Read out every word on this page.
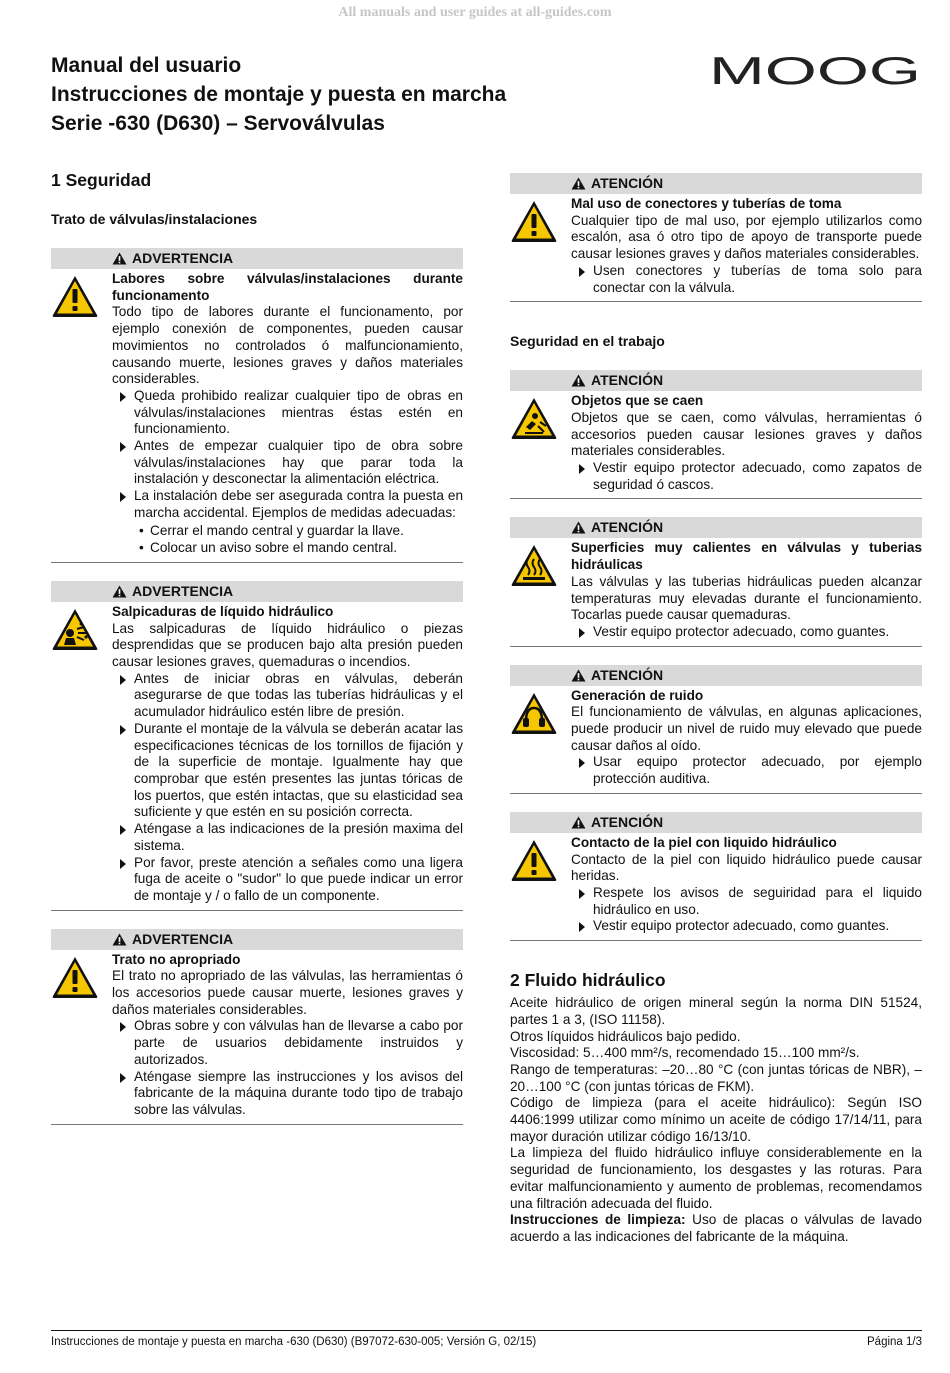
All manuals and user guides at all-guides.com
Manual del usuario
Instrucciones de montaje y puesta en marcha
Serie -630 (D630) – Servoválvulas
MOOG
1 Seguridad
Trato de válvulas/instalaciones
ADVERTENCIA
Labores sobre válvulas/instalaciones durante funcionamento

Todo tipo de labores durante el funcionamento, por ejemplo conexión de componentes, pueden causar movimientos no controlados ó malfuncionamiento, causando muerte, lesiones graves y daños materiales considerables.

Queda prohibido realizar cualquier tipo de obras en válvulas/instalaciones mientras éstas estén en funcionamiento.
Antes de empezar cualquier tipo de obra sobre válvulas/instalaciones hay que parar toda la instalación y desconectar la alimentación eléctrica.
La instalación debe ser asegurada contra la puesta en marcha accidental. Ejemplos de medidas adecuadas:
• Cerrar el mando central y guardar la llave.
• Colocar un aviso sobre el mando central.
ADVERTENCIA
Salpicaduras de líquido hidráulico

Las salpicaduras de líquido hidráulico o piezas desprendidas que se producen bajo alta presión pueden causar lesiones graves, quemaduras o incendios.

Antes de iniciar obras en válvulas, deberán asegurarse de que todas las tuberías hidráulicas y el acumulador hidráulico estén libre de presión.
Durante el montaje de la válvula se deberán acatar las especificaciones técnicas de los tornillos de fijación y de la superficie de montaje. Igualmente hay que comprobar que estén presentes las juntas tóricas de los puertos, que estén intactas, que su elasticidad sea suficiente y que estén en su posición correcta.
Aténgase a las indicaciones de la presión maxima del sistema.
Por favor, preste atención a señales como una ligera fuga de aceite o "sudor" lo que puede indicar un error de montaje y / o fallo de un componente.
ADVERTENCIA
Trato no apropriado

El trato no apropriado de las válvulas, las herramientas ó los accesorios puede causar muerte, lesiones graves y daños materiales considerables.

Obras sobre y con válvulas han de llevarse a cabo por parte de usuarios debidamente instruidos y autorizados.
Aténgase siempre las instrucciones y los avisos del fabricante de la máquina durante todo tipo de trabajo sobre las válvulas.
ATENCIÓN
Mal uso de conectores y tuberías de toma

Cualquier tipo de mal uso, por ejemplo utilizarlos como escalón, asa ó otro tipo de apoyo de transporte puede causar lesiones graves y daños materiales considerables.

Usen conectores y tuberías de toma solo para conectar con la válvula.
Seguridad en el trabajo
ATENCIÓN
Objetos que se caen

Objetos que se caen, como válvulas, herramientas ó accesorios pueden causar lesiones graves y daños materiales considerables.

Vestir equipo protector adecuado, como zapatos de seguridad ó cascos.
ATENCIÓN
Superficies muy calientes en válvulas y tuberias hidráulicas

Las válvulas y las tuberias hidráulicas pueden alcanzar temperaturas muy elevadas durante el funcionamiento. Tocarlas puede causar quemaduras.

Vestir equipo protector adecuado, como guantes.
ATENCIÓN
Generación de ruido

El funcionamiento de válvulas, en algunas aplicaciones, puede producir un nivel de ruido muy elevado que puede causar daños al oído.

Usar equipo protector adecuado, por ejemplo protección auditiva.
ATENCIÓN
Contacto de la piel con liquido hidráulico

Contacto de la piel con liquido hidráulico puede causar heridas.

Respete los avisos de seguiridad para el liquido hidráulico en uso.
Vestir equipo protector adecuado, como guantes.
2 Fluido hidráulico

Aceite hidráulico de origen mineral según la norma DIN 51524, partes 1 a 3, (ISO 11158).

Otros líquidos hidráulicos bajo pedido.

Viscosidad: 5…400 mm²/s, recomendado 15…100 mm²/s.

Rango de temperaturas: –20…80 °C (con juntas tóricas de NBR), –20…100 °C (con juntas tóricas de FKM).

Código de limpieza (para el aceite hidráulico): Según ISO 4406:1999 utilizar como mínimo un aceite de código 17/14/11, para mayor duración utilizar código 16/13/10.

La limpieza del fluido hidráulico influye considerablemente en la seguridad de funcionamiento, los desgastes y las roturas. Para evitar malfuncionamiento y aumento de problemas, recomendamos una filtración adecuada del fluido.

Instrucciones de limpieza: Uso de placas o válvulas de lavado acuerdo a las indicaciones del fabricante de la máquina.

Instrucciones de montaje y puesta en marcha -630 (D630) (B97072-630-005; Versión G, 02/15)	Página 1/3
